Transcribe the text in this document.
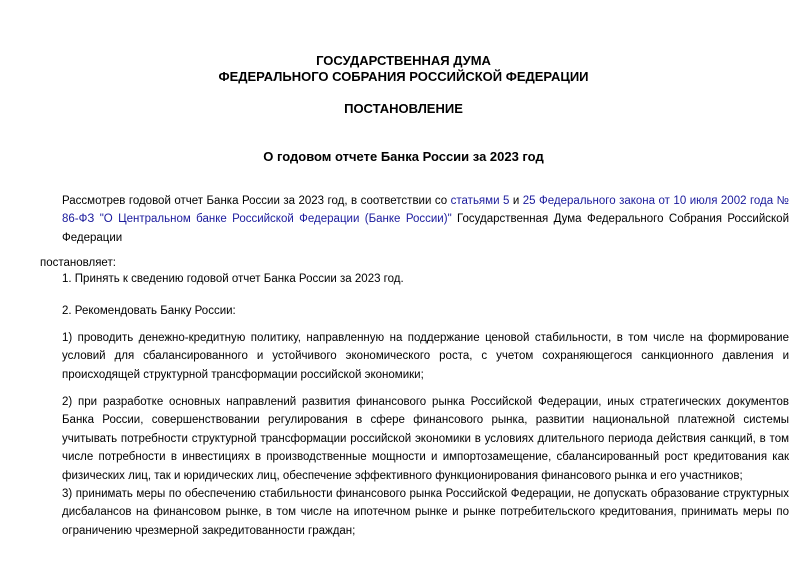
ГОСУДАРСТВЕННАЯ ДУМА
ФЕДЕРАЛЬНОГО СОБРАНИЯ РОССИЙСКОЙ ФЕДЕРАЦИИ
ПОСТАНОВЛЕНИЕ
О годовом отчете Банка России за 2023 год
Рассмотрев годовой отчет Банка России за 2023 год, в соответствии со статьями 5 и 25 Федерального закона от 10 июля 2002 года № 86-ФЗ "О Центральном банке Российской Федерации (Банке России)" Государственная Дума Федерального Собрания Российской Федерации
постановляет:
1. Принять к сведению годовой отчет Банка России за 2023 год.
2. Рекомендовать Банку России:
1) проводить денежно-кредитную политику, направленную на поддержание ценовой стабильности, в том числе на формирование условий для сбалансированного и устойчивого экономического роста, с учетом сохраняющегося санкционного давления и происходящей структурной трансформации российской экономики;
2) при разработке основных направлений развития финансового рынка Российской Федерации, иных стратегических документов Банка России, совершенствовании регулирования в сфере финансового рынка, развитии национальной платежной системы учитывать потребности структурной трансформации российской экономики в условиях длительного периода действия санкций, в том числе потребности в инвестициях в производственные мощности и импортозамещение, сбалансированный рост кредитования как физических лиц, так и юридических лиц, обеспечение эффективного функционирования финансового рынка и его участников;
3) принимать меры по обеспечению стабильности финансового рынка Российской Федерации, не допускать образование структурных дисбалансов на финансовом рынке, в том числе на ипотечном рынке и рынке потребительского кредитования, принимать меры по ограничению чрезмерной закредитованности граждан;
